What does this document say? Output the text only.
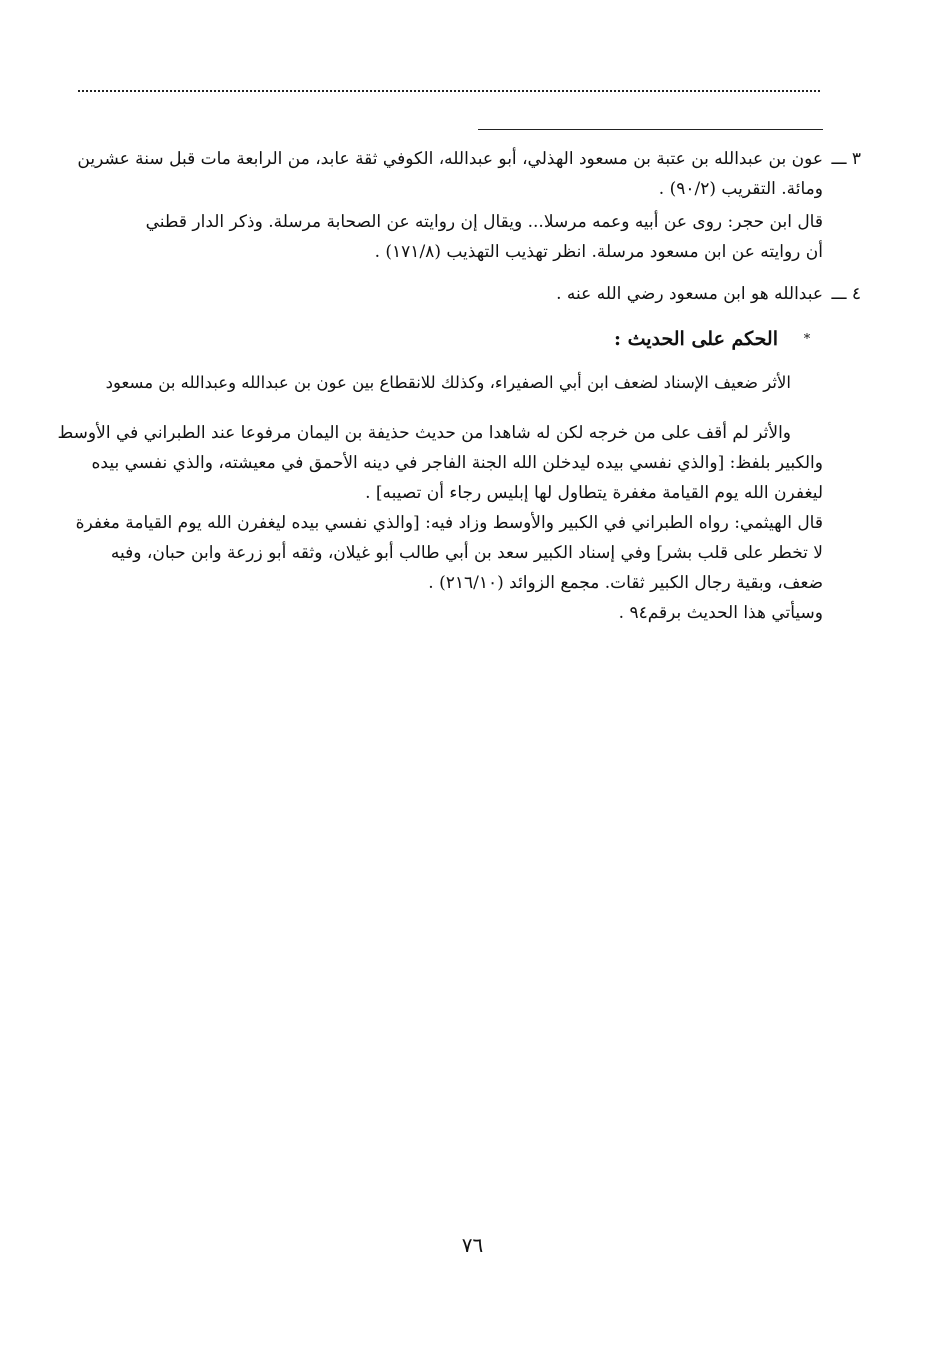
٣ ـــ
عون بن عبدالله بن عتبة بن مسعود الهذلي، أبو عبدالله، الكوفي ثقة عابد، من الرابعة مات قبل سنة عشرين
ومائة. التقريب (٩٠/٢) .
قال ابن حجر: روى عن أبيه وعمه مرسلا... ويقال إن روايته عن الصحابة مرسلة. وذكر الدار قطني
أن روايته عن ابن مسعود مرسلة. انظر تهذيب التهذيب (١٧١/٨) .
٤ ـــ
عبدالله هو ابن مسعود رضي الله عنه .
*
الحكم على الحديث :
الأثر ضعيف الإسناد لضعف ابن أبي الصفيراء، وكذلك للانقطاع بين عون بن عبدالله وعبدالله بن مسعود
والأثر لم أقف على من خرجه لكن له شاهدا من حديث حذيفة بن اليمان مرفوعا عند الطبراني في الأوسط
والكبير بلفظ: [والذي نفسي بيده ليدخلن الله الجنة الفاجر في دينه الأحمق في معيشته، والذي نفسي بيده
ليغفرن الله يوم القيامة مغفرة يتطاول لها إبليس رجاء أن تصيبه] .
قال الهيثمي: رواه الطبراني في الكبير والأوسط وزاد فيه: [والذي نفسي بيده ليغفرن الله يوم القيامة مغفرة
لا تخطر على قلب بشر] وفي إسناد الكبير سعد بن أبي طالب أبو غيلان، وثقه أبو زرعة وابن حبان، وفيه
ضعف، وبقية رجال الكبير ثقات. مجمع الزوائد (٢١٦/١٠) .
وسيأتي هذا الحديث برقم٩٤ .
٧٦
